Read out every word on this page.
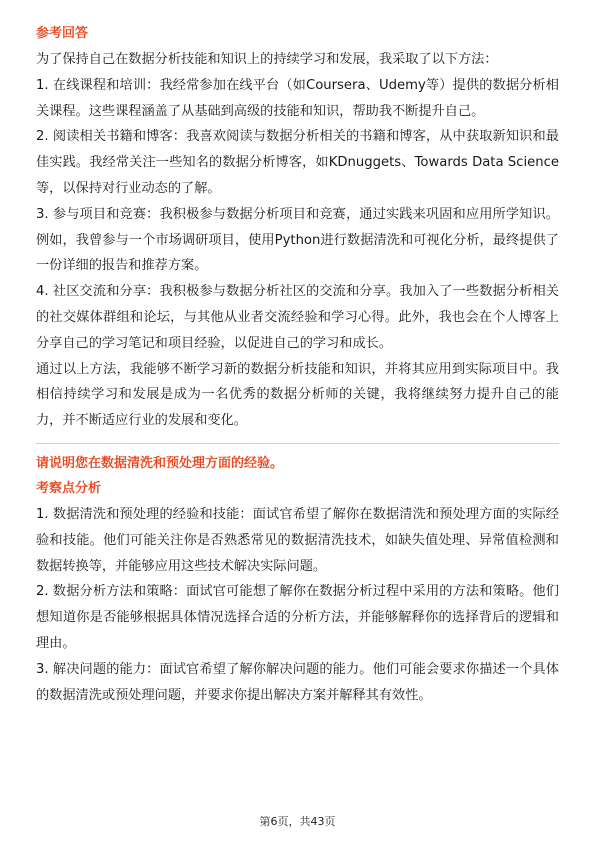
参考回答

为了保持自己在数据分析技能和知识上的持续学习和发展，我采取了以下方法：

1. 在线课程和培训：我经常参加在线平台（如Coursera、Udemy等）提供的数据分析相关课程。这些课程涵盖了从基础到高级的技能和知识，帮助我不断提升自己。

2. 阅读相关书籍和博客：我喜欢阅读与数据分析相关的书籍和博客，从中获取新知识和最佳实践。我经常关注一些知名的数据分析博客，如KDnuggets、Towards Data Science等，以保持对行业动态的了解。

3. 参与项目和竞赛：我积极参与数据分析项目和竞赛，通过实践来巩固和应用所学知识。例如，我曾参与一个市场调研项目，使用Python进行数据清洗和可视化分析，最终提供了一份详细的报告和推荐方案。

4. 社区交流和分享：我积极参与数据分析社区的交流和分享。我加入了一些数据分析相关的社交媒体群组和论坛，与其他从业者交流经验和学习心得。此外，我也会在个人博客上分享自己的学习笔记和项目经验，以促进自己的学习和成长。

通过以上方法，我能够不断学习新的数据分析技能和知识，并将其应用到实际项目中。我相信持续学习和发展是成为一名优秀的数据分析师的关键，我将继续努力提升自己的能力，并不断适应行业的发展和变化。

请说明您在数据清洗和预处理方面的经验。
考察点分析

1. 数据清洗和预处理的经验和技能：面试官希望了解你在数据清洗和预处理方面的实际经验和技能。他们可能关注你是否熟悉常见的数据清洗技术，如缺失值处理、异常值检测和数据转换等，并能够应用这些技术解决实际问题。

2. 数据分析方法和策略：面试官可能想了解你在数据分析过程中采用的方法和策略。他们想知道你是否能够根据具体情况选择合适的分析方法，并能够解释你的选择背后的逻辑和理由。

3. 解决问题的能力：面试官希望了解你解决问题的能力。他们可能会要求你描述一个具体的数据清洗或预处理问题，并要求你提出解决方案并解释其有效性。

第6页，共43页
